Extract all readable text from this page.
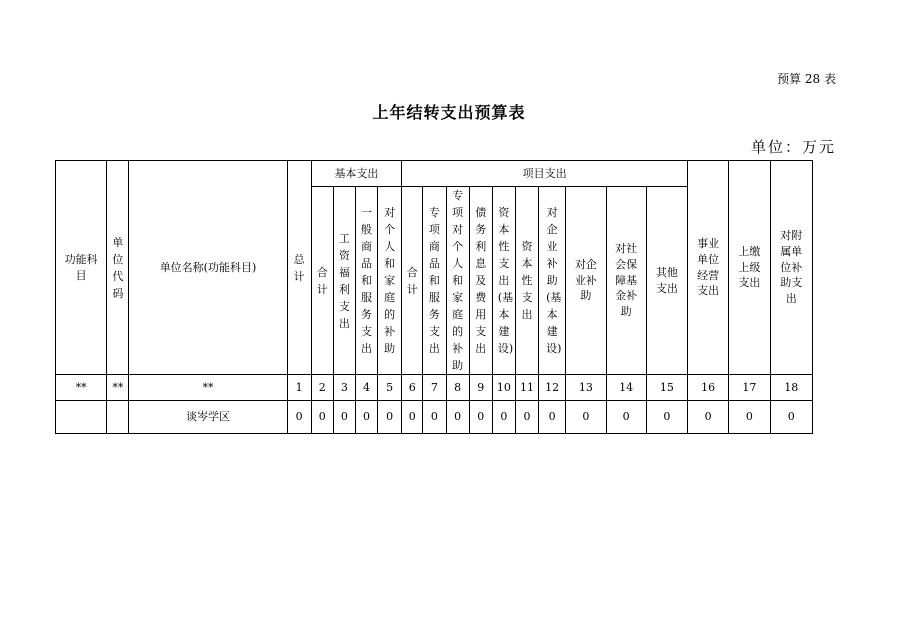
预算 28 表
上年结转支出预算表
单位：万元
功能科目	单位代码	单位名称(功能科目)	总计	基本支出				项目支出										事业单位经营支出	上缴上级支出	对附属单位补助支出
				合计	工资福利支出	一般商品和服务支出	对个人和家庭的补助	合计	专项商品和服务支出	专项对个人和家庭的补助	债务利息及费用支出	资本性支出(基本建设)	资本性支出	对企业补助(基本建设)	对企业补助	对社会保障基金补助	其他支出			
**	**	**	1	2	3	4	5	6	7	8	9	10	11	12	13	14	15	16	17	18
		谈岑学区	0	0	0	0	0	0	0	0	0	0	0	0	0	0	0	0	0	0
